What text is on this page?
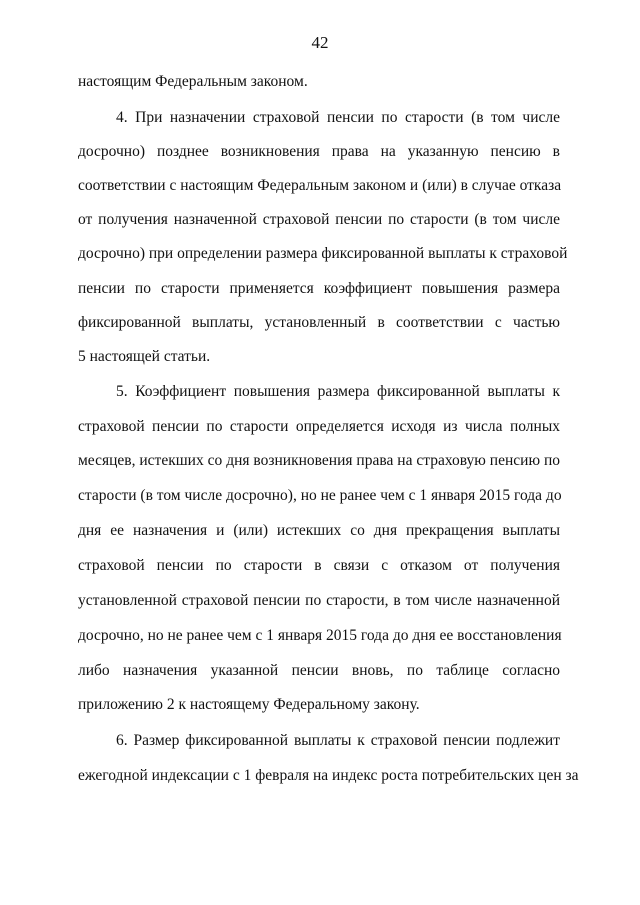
42
настоящим Федеральным законом.
4. При назначении страховой пенсии по старости (в том числе
досрочно) позднее возникновения права на указанную пенсию в
соответствии с настоящим Федеральным законом и (или) в случае отказа
от получения назначенной страховой пенсии по старости (в том числе
досрочно) при определении размера фиксированной выплаты к страховой
пенсии по старости применяется коэффициент повышения размера
фиксированной выплаты, установленный в соответствии с частью
5 настоящей статьи.
5. Коэффициент повышения размера фиксированной выплаты к
страховой пенсии по старости определяется исходя из числа полных
месяцев, истекших со дня возникновения права на страховую пенсию по
старости (в том числе досрочно), но не ранее чем с 1 января 2015 года до
дня ее назначения и (или) истекших со дня прекращения выплаты
страховой пенсии по старости в связи с отказом от получения
установленной страховой пенсии по старости, в том числе назначенной
досрочно, но не ранее чем с 1 января 2015 года до дня ее восстановления
либо назначения указанной пенсии вновь, по таблице согласно
приложению 2 к настоящему Федеральному закону.
6. Размер фиксированной выплаты к страховой пенсии подлежит
ежегодной индексации с 1 февраля на индекс роста потребительских цен за
